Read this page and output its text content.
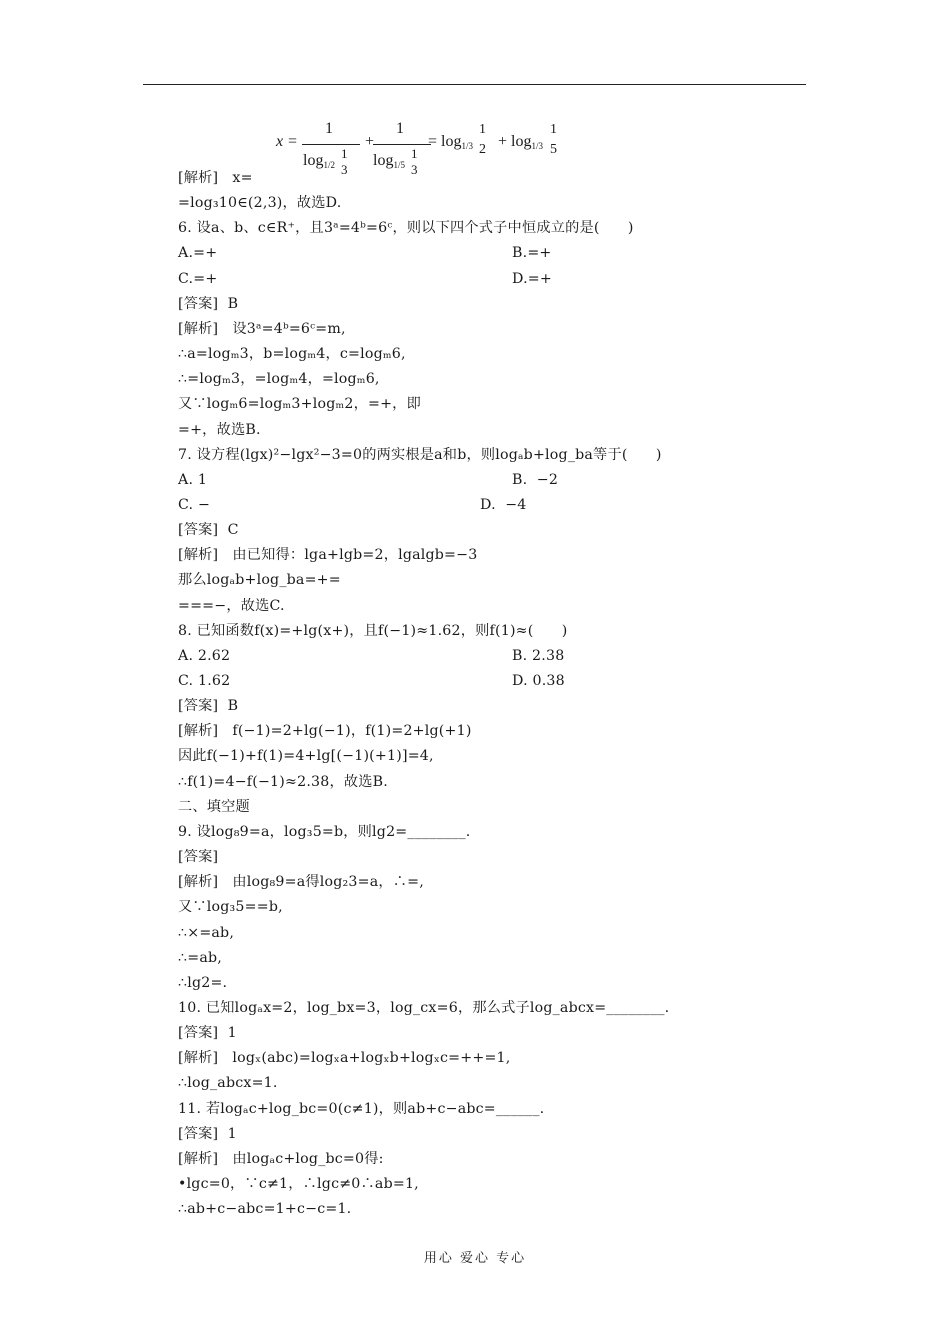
x =
1
$\log_{1/2}$
1
3
+
1
$\log_{1/5}$
1
3
= $\log_{1/3}$
1
$2 + \log_{1/3}$
1
5
[解析]   x=
=log₃10∈(2,3)，故选D.
6. 设a、b、c∈R⁺，且3ᵃ=4ᵇ=6ᶜ，则以下四个式子中恒成立的是(      )
A.=+	B.=+
C.=+	D.=+
[答案]  B
[解析]   设3ᵃ=4ᵇ=6ᶜ=m,
∴a=logₘ3，b=logₘ4，c=logₘ6,
∴=logₘ3，=logₘ4，=logₘ6,
又∵logₘ6=logₘ3+logₘ2，=+，即
=+，故选B.
7. 设方程(lgx)²−lgx²−3=0的两实根是a和b，则logₐb+log_ba等于(      )
A. 1	B.  −2
C. −	D.  −4
[答案]  C
[解析]   由已知得：lga+lgb=2，lgalgb=−3
那么logₐb+log_ba=+=
===−，故选C.
8. 已知函数f(x)=+lg(x+)，且f(−1)≈1.62，则f(1)≈(      )
A. 2.62	B. 2.38
C. 1.62	D. 0.38
[答案]  B
[解析]   f(−1)=2+lg(−1)，f(1)=2+lg(+1)
因此f(−1)+f(1)=4+lg[(−1)(+1)]=4,
∴f(1)=4−f(−1)≈2.38，故选B.
二、填空题
9. 设log₈9=a，log₃5=b，则lg2=________.
[答案]
[解析]   由log₈9=a得log₂3=a，∴=,
又∵log₃5==b,
∴×=ab,
∴=ab,
∴lg2=.
10. 已知logₐx=2，log_bx=3，log_cx=6，那么式子log_abcx=________.
[答案]  1
[解析]   logₓ(abc)=logₓa+logₓb+logₓc=++=1,
∴log_abcx=1.
11. 若logₐc+log_bc=0(c≠1)，则ab+c−abc=______.
[答案]  1
[解析]   由logₐc+log_bc=0得:
•lgc=0，∵c≠1，∴lgc≠0∴ab=1,
∴ab+c−abc=1+c−c=1.
用心 爱心 专心
